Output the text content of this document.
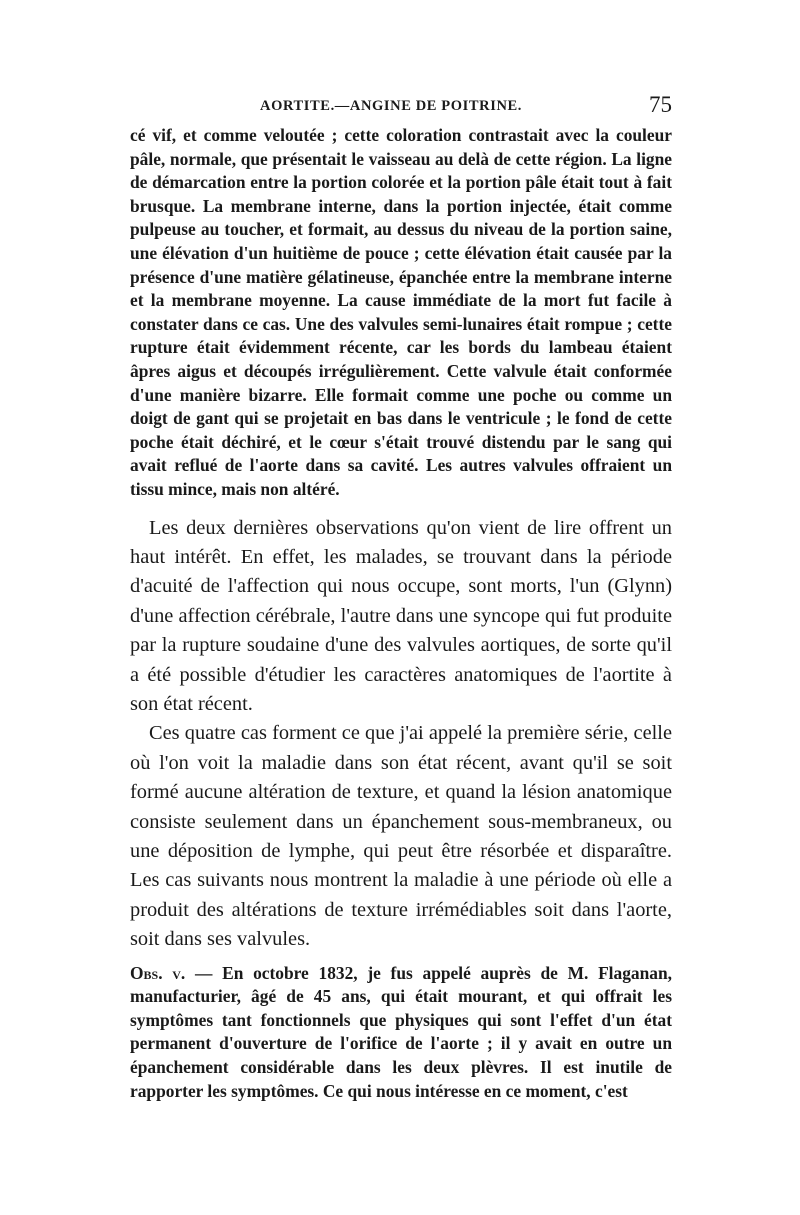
AORTITE.—ANGINE DE POITRINE.	75

cé vif, et comme veloutée ; cette coloration contrastait avec la couleur pâle, normale, que présentait le vaisseau au delà de cette région. La ligne de démarcation entre la portion colorée et la portion pâle était tout à fait brusque. La membrane interne, dans la portion injectée, était comme pulpeuse au toucher, et formait, au dessus du niveau de la portion saine, une élévation d'un huitième de pouce ; cette élévation était causée par la présence d'une matière gélatineuse, épanchée entre la membrane interne et la membrane moyenne. La cause immédiate de la mort fut facile à constater dans ce cas. Une des valvules semi-lunaires était rompue ; cette rupture était évidemment récente, car les bords du lambeau étaient âpres aigus et découpés irrégulièrement. Cette valvule était conformée d'une manière bizarre. Elle formait comme une poche ou comme un doigt de gant qui se projetait en bas dans le ventricule ; le fond de cette poche était déchiré, et le cœur s'était trouvé distendu par le sang qui avait reflué de l'aorte dans sa cavité. Les autres valvules offraient un tissu mince, mais non altéré.

Les deux dernières observations qu'on vient de lire offrent un haut intérêt. En effet, les malades, se trouvant dans la période d'acuité de l'affection qui nous occupe, sont morts, l'un (Glynn) d'une affection cérébrale, l'autre dans une syncope qui fut produite par la rupture soudaine d'une des valvules aortiques, de sorte qu'il a été possible d'étudier les caractères anatomiques de l'aortite à son état récent.

Ces quatre cas forment ce que j'ai appelé la première série, celle où l'on voit la maladie dans son état récent, avant qu'il se soit formé aucune altération de texture, et quand la lésion anatomique consiste seulement dans un épanchement sous-membraneux, ou une déposition de lymphe, qui peut être résorbée et disparaître. Les cas suivants nous montrent la maladie à une période où elle a produit des altérations de texture irrémédiables soit dans l'aorte, soit dans ses valvules.

Obs. v. — En octobre 1832, je fus appelé auprès de M. Flaganan, manufacturier, âgé de 45 ans, qui était mourant, et qui offrait les symptômes tant fonctionnels que physiques qui sont l'effet d'un état permanent d'ouverture de l'orifice de l'aorte ; il y avait en outre un épanchement considérable dans les deux plèvres. Il est inutile de rapporter les symptômes. Ce qui nous intéresse en ce moment, c'est
